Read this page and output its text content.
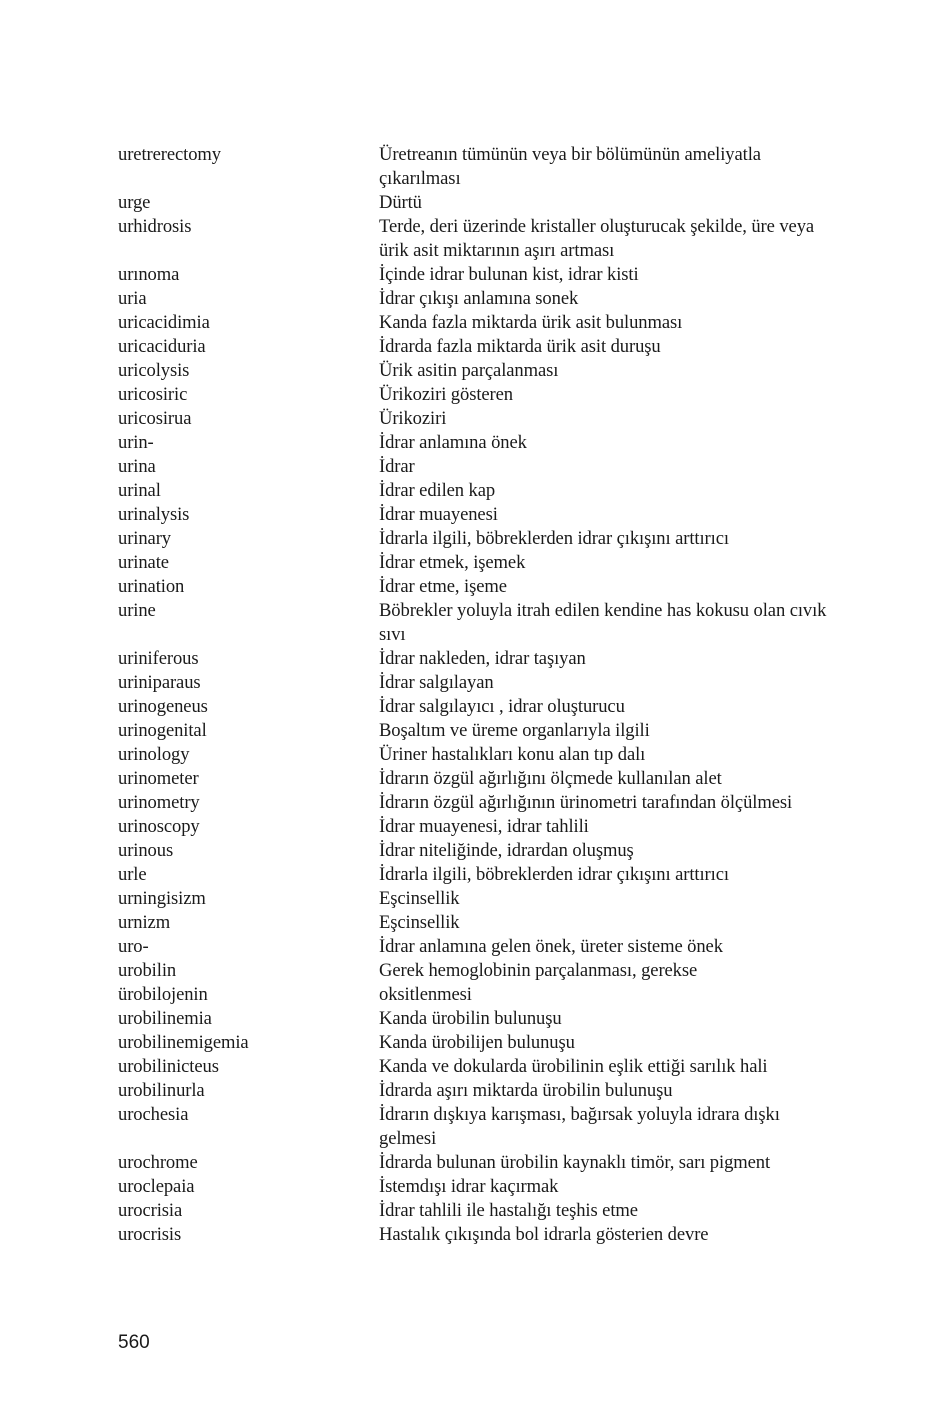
uretrerectomy	Üretreanın tümünün veya bir bölümünün ameliyatla çıkarılması
urge	Dürtü
urhidrosis	Terde, deri üzerinde kristaller oluşturucak şekilde, üre veya ürik asit miktarının aşırı artması
urınoma	İçinde idrar bulunan kist, idrar kisti
uria	İdrar çıkışı anlamına sonek
uricacidimia	Kanda fazla miktarda ürik asit bulunması
uricaciduria	İdrarda fazla miktarda ürik asit duruşu
uricolysis	Ürik asitin parçalanması
uricosiric	Ürikoziri gösteren
uricosirua	Ürikoziri
urin-	İdrar anlamına önek
urina	İdrar
urinal	İdrar edilen kap
urinalysis	İdrar muayenesi
urinary	İdrarla ilgili, böbreklerden idrar çıkışını arttırıcı
urinate	İdrar etmek, işemek
urination	İdrar etme, işeme
urine	Böbrekler yoluyla itrah edilen kendine has kokusu olan cıvık sıvı
uriniferous	İdrar nakleden, idrar taşıyan
uriniparaus	İdrar salgılayan
urinogeneus	İdrar salgılayıcı , idrar oluşturucu
urinogenital	Boşaltım ve üreme organlarıyla ilgili
urinology	Üriner hastalıkları konu alan tıp dalı
urinometer	İdrarın özgül ağırlığını ölçmede kullanılan alet
urinometry	İdrarın özgül ağırlığının ürinometri tarafından ölçülmesi
urinoscopy	İdrar muayenesi, idrar tahlili
urinous	İdrar niteliğinde, idrardan oluşmuş
urle	İdrarla ilgili, böbreklerden idrar çıkışını arttırıcı
urningisizm	Eşcinsellik
urnizm	Eşcinsellik
uro-	İdrar anlamına gelen önek, üreter sisteme önek
urobilin	Gerek hemoglobinin parçalanması, gerekse
ürobilojenin	oksitlenmesi
urobilinemia	Kanda ürobilin bulunuşu
urobilinemigemia	Kanda ürobilijen bulunuşu
urobilinicteus	Kanda ve dokularda ürobilinin eşlik ettiği sarılık hali
urobilinurla	İdrarda aşırı miktarda ürobilin bulunuşu
urochesia	İdrarın dışkıya karışması, bağırsak yoluyla idrara dışkı gelmesi
urochrome	İdrarda bulunan ürobilin kaynaklı timör, sarı pigment
uroclepaia	İstemdışı idrar kaçırmak
urocrisia	İdrar tahlili ile hastalığı teşhis etme
urocrisis	Hastalık çıkışında bol idrarla gösterien devre
560
